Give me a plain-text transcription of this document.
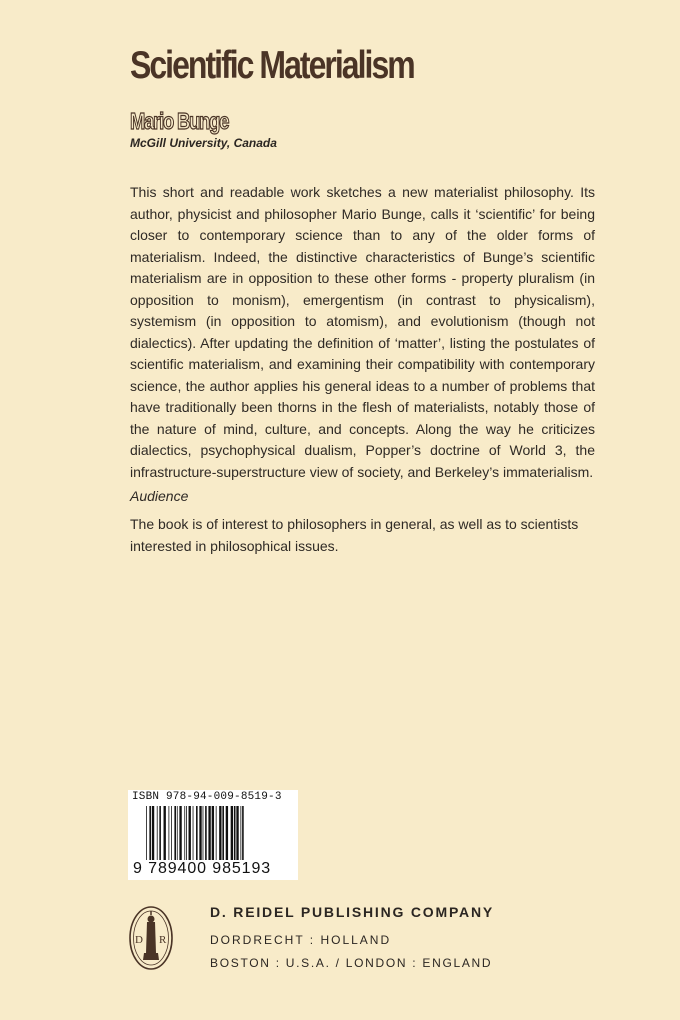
Scientific Materialism
Mario Bunge
McGill University, Canada

This short and readable work sketches a new materialist philosophy. Its author, physicist and philosopher Mario Bunge, calls it ‘scientific’ for being closer to contemporary science than to any of the older forms of materialism. Indeed, the distinctive characteristics of Bunge’s scientific materialism are in opposition to these other forms - property pluralism (in opposition to monism), emergentism (in contrast to physicalism), systemism (in opposition to atomism), and evolutionism (though not dialectics). After updating the definition of ‘matter’, listing the postulates of scientific materialism, and examining their compatibility with contemporary science, the author applies his general ideas to a number of problems that have traditionally been thorns in the flesh of materialists, notably those of the nature of mind, culture, and concepts. Along the way he criticizes dialectics, psychophysical dualism, Popper’s doctrine of World 3, the infrastructure-superstructure view of society, and Berkeley’s immaterialism.

Audience

The book is of interest to philosophers in general, as well as to scientists interested in philosophical issues.

ISBN 978-94-009-8519-3
9 789400 985193
D R
D. REIDEL PUBLISHING COMPANY
DORDRECHT : HOLLAND
BOSTON : U.S.A. / LONDON : ENGLAND
